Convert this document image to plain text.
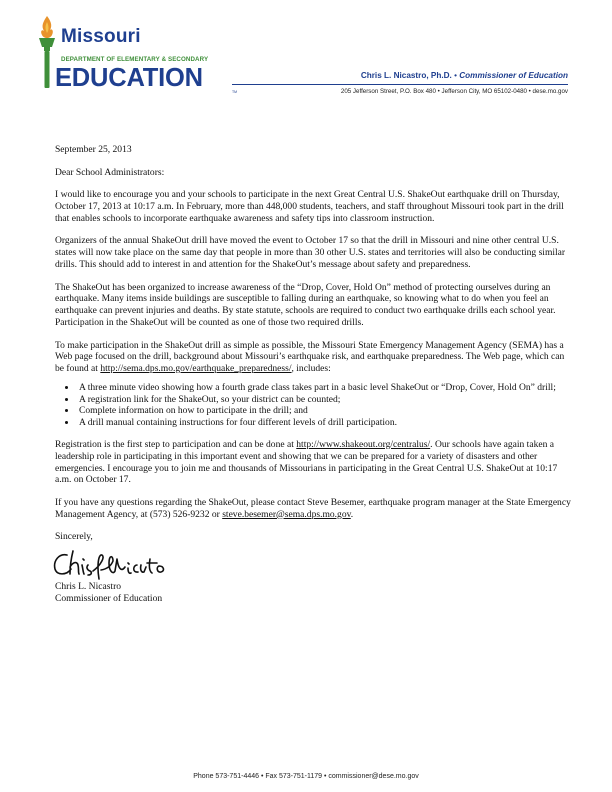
Missouri
DEPARTMENT OF ELEMENTARY & SECONDARY
EDUCATION	TM
Chris L. Nicastro, Ph.D. • Commissioner of Education
205 Jefferson Street, P.O. Box 480 • Jefferson City, MO 65102-0480 • dese.mo.gov

September 25, 2013

Dear School Administrators:

I would like to encourage you and your schools to participate in the next Great Central U.S. ShakeOut earthquake drill on Thursday, October 17, 2013 at 10:17 a.m. In February, more than 448,000 students, teachers, and staff throughout Missouri took part in the drill that enables schools to incorporate earthquake awareness and safety tips into classroom instruction.

Organizers of the annual ShakeOut drill have moved the event to October 17 so that the drill in Missouri and nine other central U.S. states will now take place on the same day that people in more than 30 other U.S. states and territories will also be conducting similar drills. This should add to interest in and attention for the ShakeOut’s message about safety and preparedness.

The ShakeOut has been organized to increase awareness of the “Drop, Cover, Hold On” method of protecting ourselves during an earthquake. Many items inside buildings are susceptible to falling during an earthquake, so knowing what to do when you feel an earthquake can prevent injuries and deaths. By state statute, schools are required to conduct two earthquake drills each school year. Participation in the ShakeOut will be counted as one of those two required drills.

To make participation in the ShakeOut drill as simple as possible, the Missouri State Emergency Management Agency (SEMA) has a Web page focused on the drill, background about Missouri’s earthquake risk, and earthquake preparedness. The Web page, which can be found at http://sema.dps.mo.gov/earthquake_preparedness/, includes:

• A three minute video showing how a fourth grade class takes part in a basic level ShakeOut or “Drop, Cover, Hold On” drill;
• A registration link for the ShakeOut, so your district can be counted;
• Complete information on how to participate in the drill; and
• A drill manual containing instructions for four different levels of drill participation.

Registration is the first step to participation and can be done at http://www.shakeout.org/centralus/. Our schools have again taken a leadership role in participating in this important event and showing that we can be prepared for a variety of disasters and other emergencies. I encourage you to join me and thousands of Missourians in participating in the Great Central U.S. ShakeOut at 10:17 a.m. on October 17.

If you have any questions regarding the ShakeOut, please contact Steve Besemer, earthquake program manager at the State Emergency Management Agency, at (573) 526-9232 or steve.besemer@sema.dps.mo.gov.

Sincerely,
Chris L. Nicastro
Commissioner of Education
Phone 573-751-4446 • Fax 573-751-1179 • commissioner@dese.mo.gov
